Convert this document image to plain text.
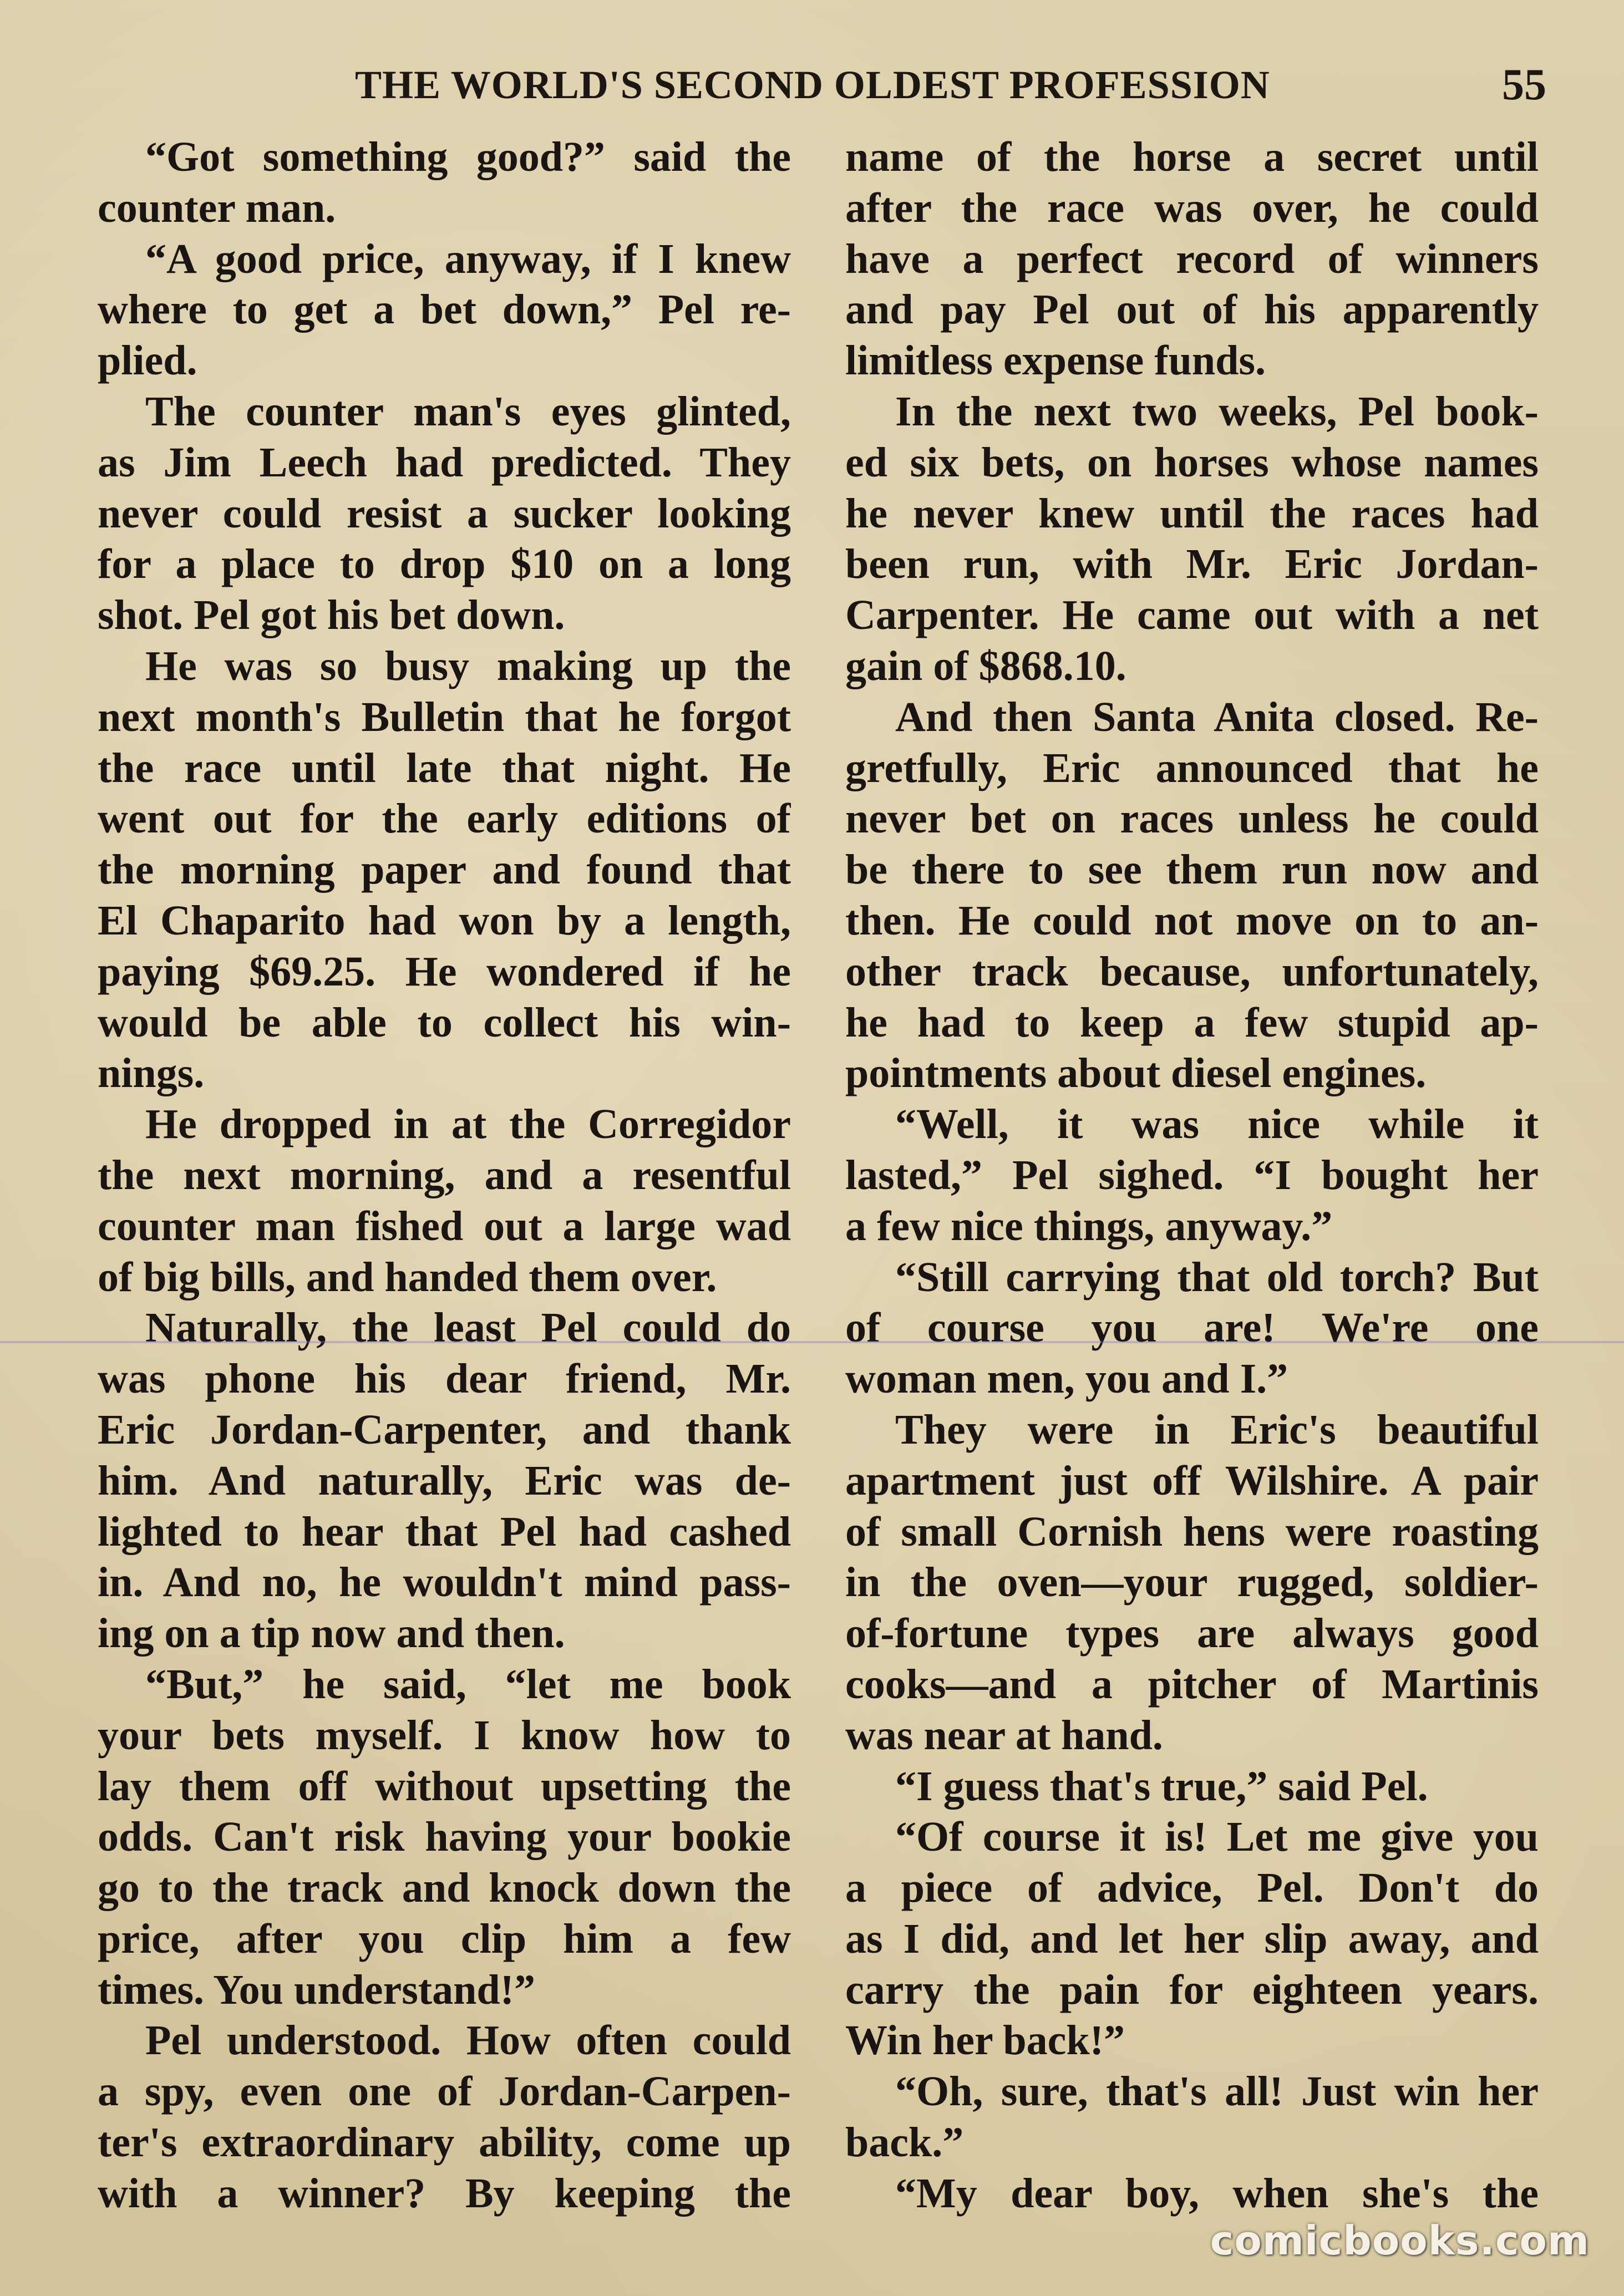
THE WORLD'S SECOND OLDEST PROFESSION	55
“Got something good?” said the
counter man.
“A good price, anyway, if I knew
where to get a bet down,” Pel re-
plied.
The counter man's eyes glinted,
as Jim Leech had predicted. They
never could resist a sucker looking
for a place to drop $10 on a long
shot. Pel got his bet down.
He was so busy making up the
next month's Bulletin that he forgot
the race until late that night. He
went out for the early editions of
the morning paper and found that
El Chaparito had won by a length,
paying $69.25. He wondered if he
would be able to collect his win-
nings.
He dropped in at the Corregidor
the next morning, and a resentful
counter man fished out a large wad
of big bills, and handed them over.
Naturally, the least Pel could do
was phone his dear friend, Mr.
Eric Jordan-Carpenter, and thank
him. And naturally, Eric was de-
lighted to hear that Pel had cashed
in. And no, he wouldn't mind pass-
ing on a tip now and then.
“But,” he said, “let me book
your bets myself. I know how to
lay them off without upsetting the
odds. Can't risk having your bookie
go to the track and knock down the
price, after you clip him a few
times. You understand!”
Pel understood. How often could
a spy, even one of Jordan-Carpen-
ter's extraordinary ability, come up
with a winner? By keeping the
name of the horse a secret until
after the race was over, he could
have a perfect record of winners
and pay Pel out of his apparently
limitless expense funds.
In the next two weeks, Pel book-
ed six bets, on horses whose names
he never knew until the races had
been run, with Mr. Eric Jordan-
Carpenter. He came out with a net
gain of $868.10.
And then Santa Anita closed. Re-
gretfully, Eric announced that he
never bet on races unless he could
be there to see them run now and
then. He could not move on to an-
other track because, unfortunately,
he had to keep a few stupid ap-
pointments about diesel engines.
“Well, it was nice while it
lasted,” Pel sighed. “I bought her
a few nice things, anyway.”
“Still carrying that old torch? But
of course you are! We're one
woman men, you and I.”
They were in Eric's beautiful
apartment just off Wilshire. A pair
of small Cornish hens were roasting
in the oven—your rugged, soldier-
of-fortune types are always good
cooks—and a pitcher of Martinis
was near at hand.
“I guess that's true,” said Pel.
“Of course it is! Let me give you
a piece of advice, Pel. Don't do
as I did, and let her slip away, and
carry the pain for eighteen years.
Win her back!”
“Oh, sure, that's all! Just win her
back.”
“My dear boy, when she's the
comicbooks.com
